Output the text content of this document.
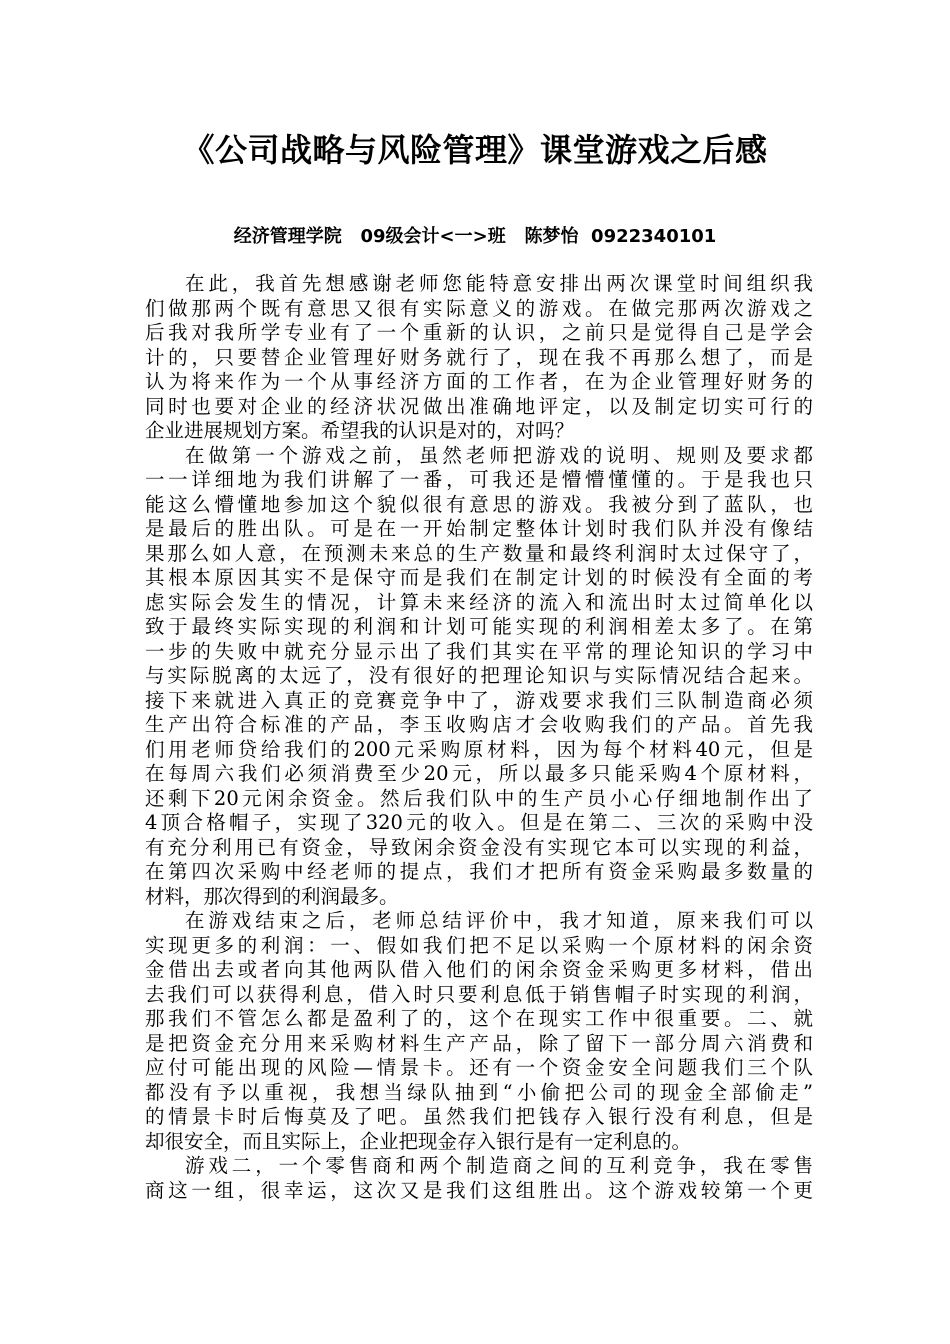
《公司战略与风险管理》课堂游戏之后感
经济管理学院   09级会计<一>班   陈梦怡  0922340101
在此，我首先想感谢老师您能特意安排出两次课堂时间组织我
们做那两个既有意思又很有实际意义的游戏。在做完那两次游戏之
后我对我所学专业有了一个重新的认识，之前只是觉得自己是学会
计的，只要替企业管理好财务就行了，现在我不再那么想了，而是
认为将来作为一个从事经济方面的工作者，在为企业管理好财务的
同时也要对企业的经济状况做出准确地评定，以及制定切实可行的
企业进展规划方案。希望我的认识是对的，对吗？
在做第一个游戏之前，虽然老师把游戏的说明、规则及要求都
一一详细地为我们讲解了一番，可我还是懵懵懂懂的。于是我也只
能这么懵懂地参加这个貌似很有意思的游戏。我被分到了蓝队，也
是最后的胜出队。可是在一开始制定整体计划时我们队并没有像结
果那么如人意，在预测未来总的生产数量和最终利润时太过保守了，
其根本原因其实不是保守而是我们在制定计划的时候没有全面的考
虑实际会发生的情况，计算未来经济的流入和流出时太过简单化以
致于最终实际实现的利润和计划可能实现的利润相差太多了。在第
一步的失败中就充分显示出了我们其实在平常的理论知识的学习中
与实际脱离的太远了，没有很好的把理论知识与实际情况结合起来。
接下来就进入真正的竞赛竞争中了，游戏要求我们三队制造商必须
生产出符合标准的产品，李玉收购店才会收购我们的产品。首先我
们用老师贷给我们的200元采购原材料，因为每个材料40元，但是
在每周六我们必须消费至少20元，所以最多只能采购4个原材料，
还剩下20元闲余资金。然后我们队中的生产员小心仔细地制作出了
4顶合格帽子，实现了320元的收入。但是在第二、三次的采购中没
有充分利用已有资金，导致闲余资金没有实现它本可以实现的利益，
在第四次采购中经老师的提点，我们才把所有资金采购最多数量的
材料，那次得到的利润最多。
在游戏结束之后，老师总结评价中，我才知道，原来我们可以
实现更多的利润：一、假如我们把不足以采购一个原材料的闲余资
金借出去或者向其他两队借入他们的闲余资金采购更多材料，借出
去我们可以获得利息，借入时只要利息低于销售帽子时实现的利润，
那我们不管怎么都是盈利了的，这个在现实工作中很重要。二、就
是把资金充分用来采购材料生产产品，除了留下一部分周六消费和
应付可能出现的风险—情景卡。还有一个资金安全问题我们三个队
都没有予以重视，我想当绿队抽到“小偷把公司的现金全部偷走”
的情景卡时后悔莫及了吧。虽然我们把钱存入银行没有利息，但是
却很安全，而且实际上，企业把现金存入银行是有一定利息的。
游戏二，一个零售商和两个制造商之间的互利竞争，我在零售
商这一组，很幸运，这次又是我们这组胜出。这个游戏较第一个更
